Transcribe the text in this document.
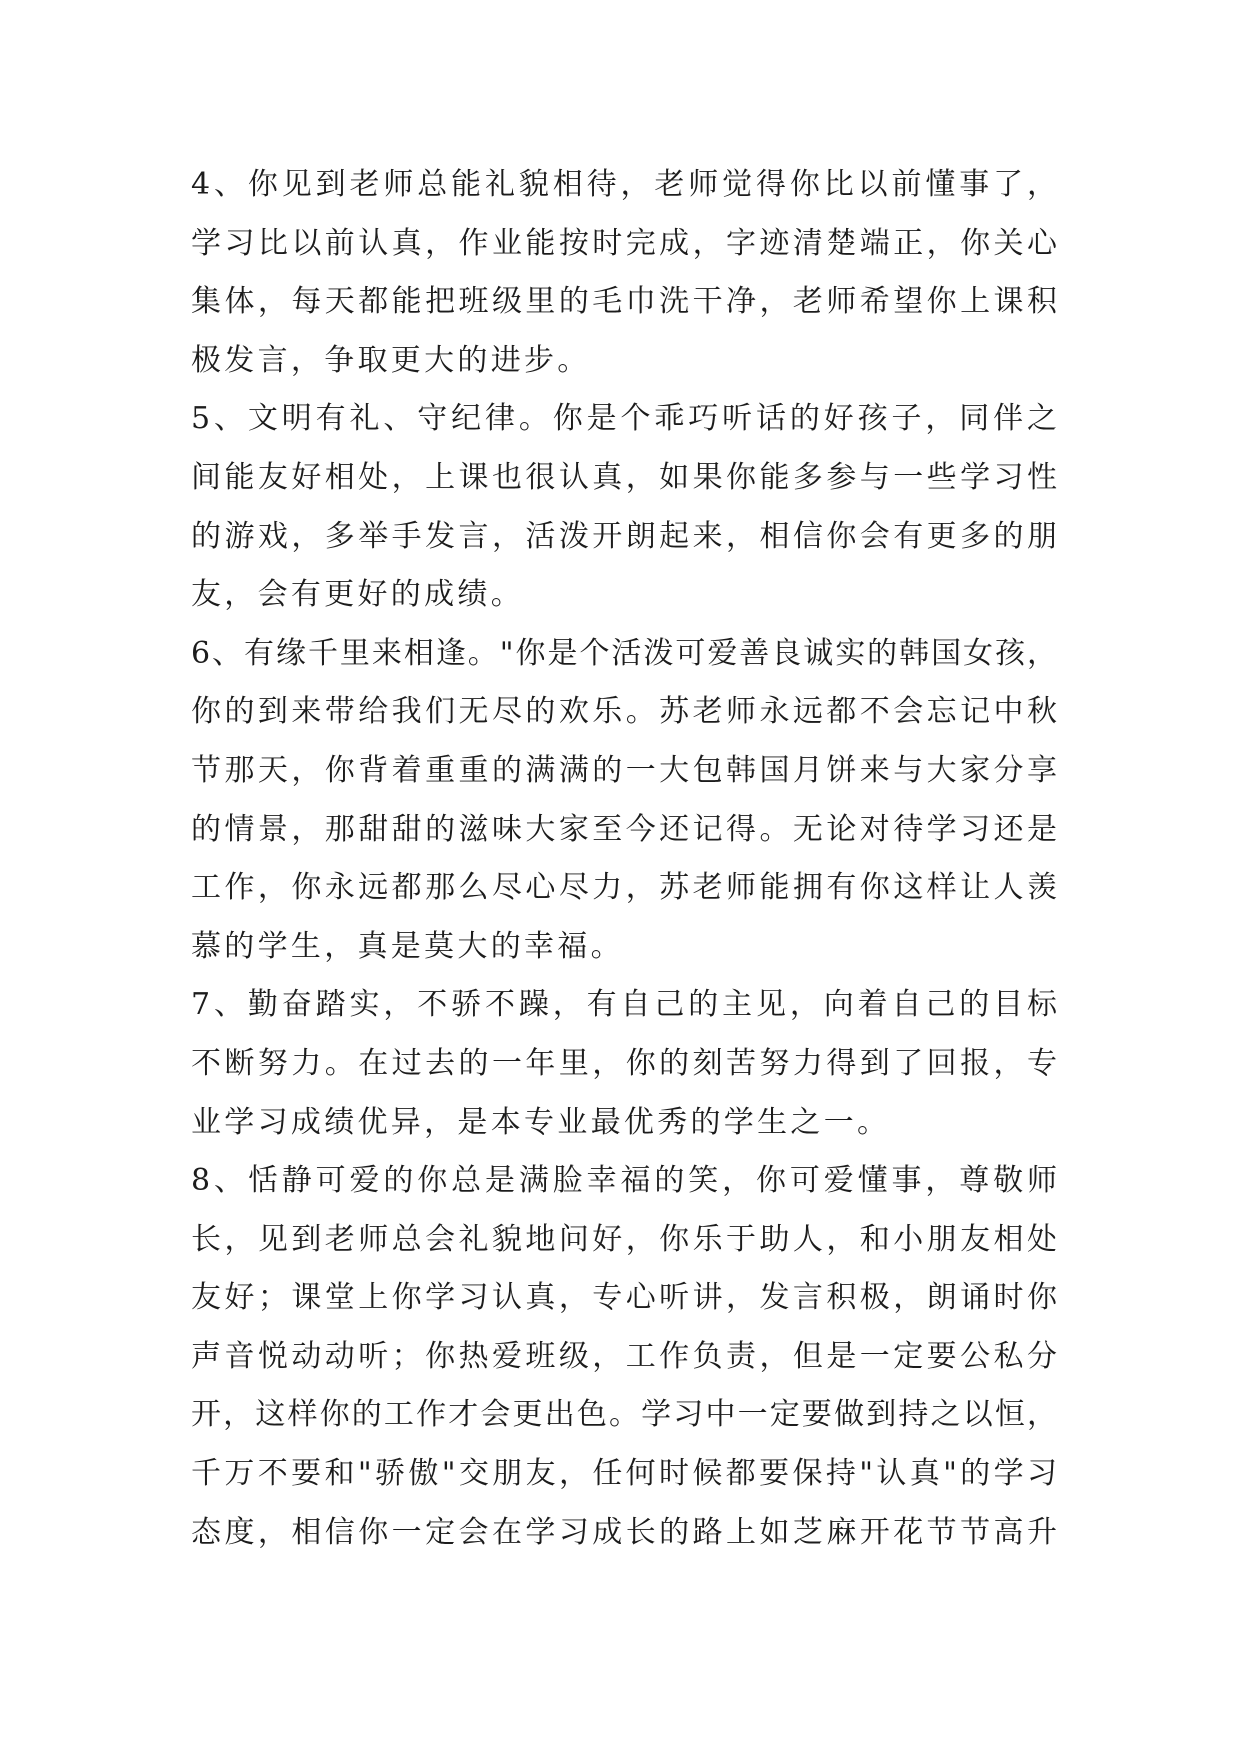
4、你见到老师总能礼貌相待，老师觉得你比以前懂事了，
学习比以前认真，作业能按时完成，字迹清楚端正，你关心
集体，每天都能把班级里的毛巾洗干净，老师希望你上课积
极发言，争取更大的进步。
5、文明有礼、守纪律。你是个乖巧听话的好孩子，同伴之
间能友好相处，上课也很认真，如果你能多参与一些学习性
的游戏，多举手发言，活泼开朗起来，相信你会有更多的朋
友，会有更好的成绩。
6、有缘千里来相逢。"你是个活泼可爱善良诚实的韩国女孩，
你的到来带给我们无尽的欢乐。苏老师永远都不会忘记中秋
节那天，你背着重重的满满的一大包韩国月饼来与大家分享
的情景，那甜甜的滋味大家至今还记得。无论对待学习还是
工作，你永远都那么尽心尽力，苏老师能拥有你这样让人羡
慕的学生，真是莫大的幸福。
7、勤奋踏实，不骄不躁，有自己的主见，向着自己的目标
不断努力。在过去的一年里，你的刻苦努力得到了回报，专
业学习成绩优异，是本专业最优秀的学生之一。
8、恬静可爱的你总是满脸幸福的笑，你可爱懂事，尊敬师
长，见到老师总会礼貌地问好，你乐于助人，和小朋友相处
友好；课堂上你学习认真，专心听讲，发言积极，朗诵时你
声音悦动动听；你热爱班级，工作负责，但是一定要公私分
开，这样你的工作才会更出色。学习中一定要做到持之以恒，
千万不要和"骄傲"交朋友，任何时候都要保持"认真"的学习
态度，相信你一定会在学习成长的路上如芝麻开花节节高升
